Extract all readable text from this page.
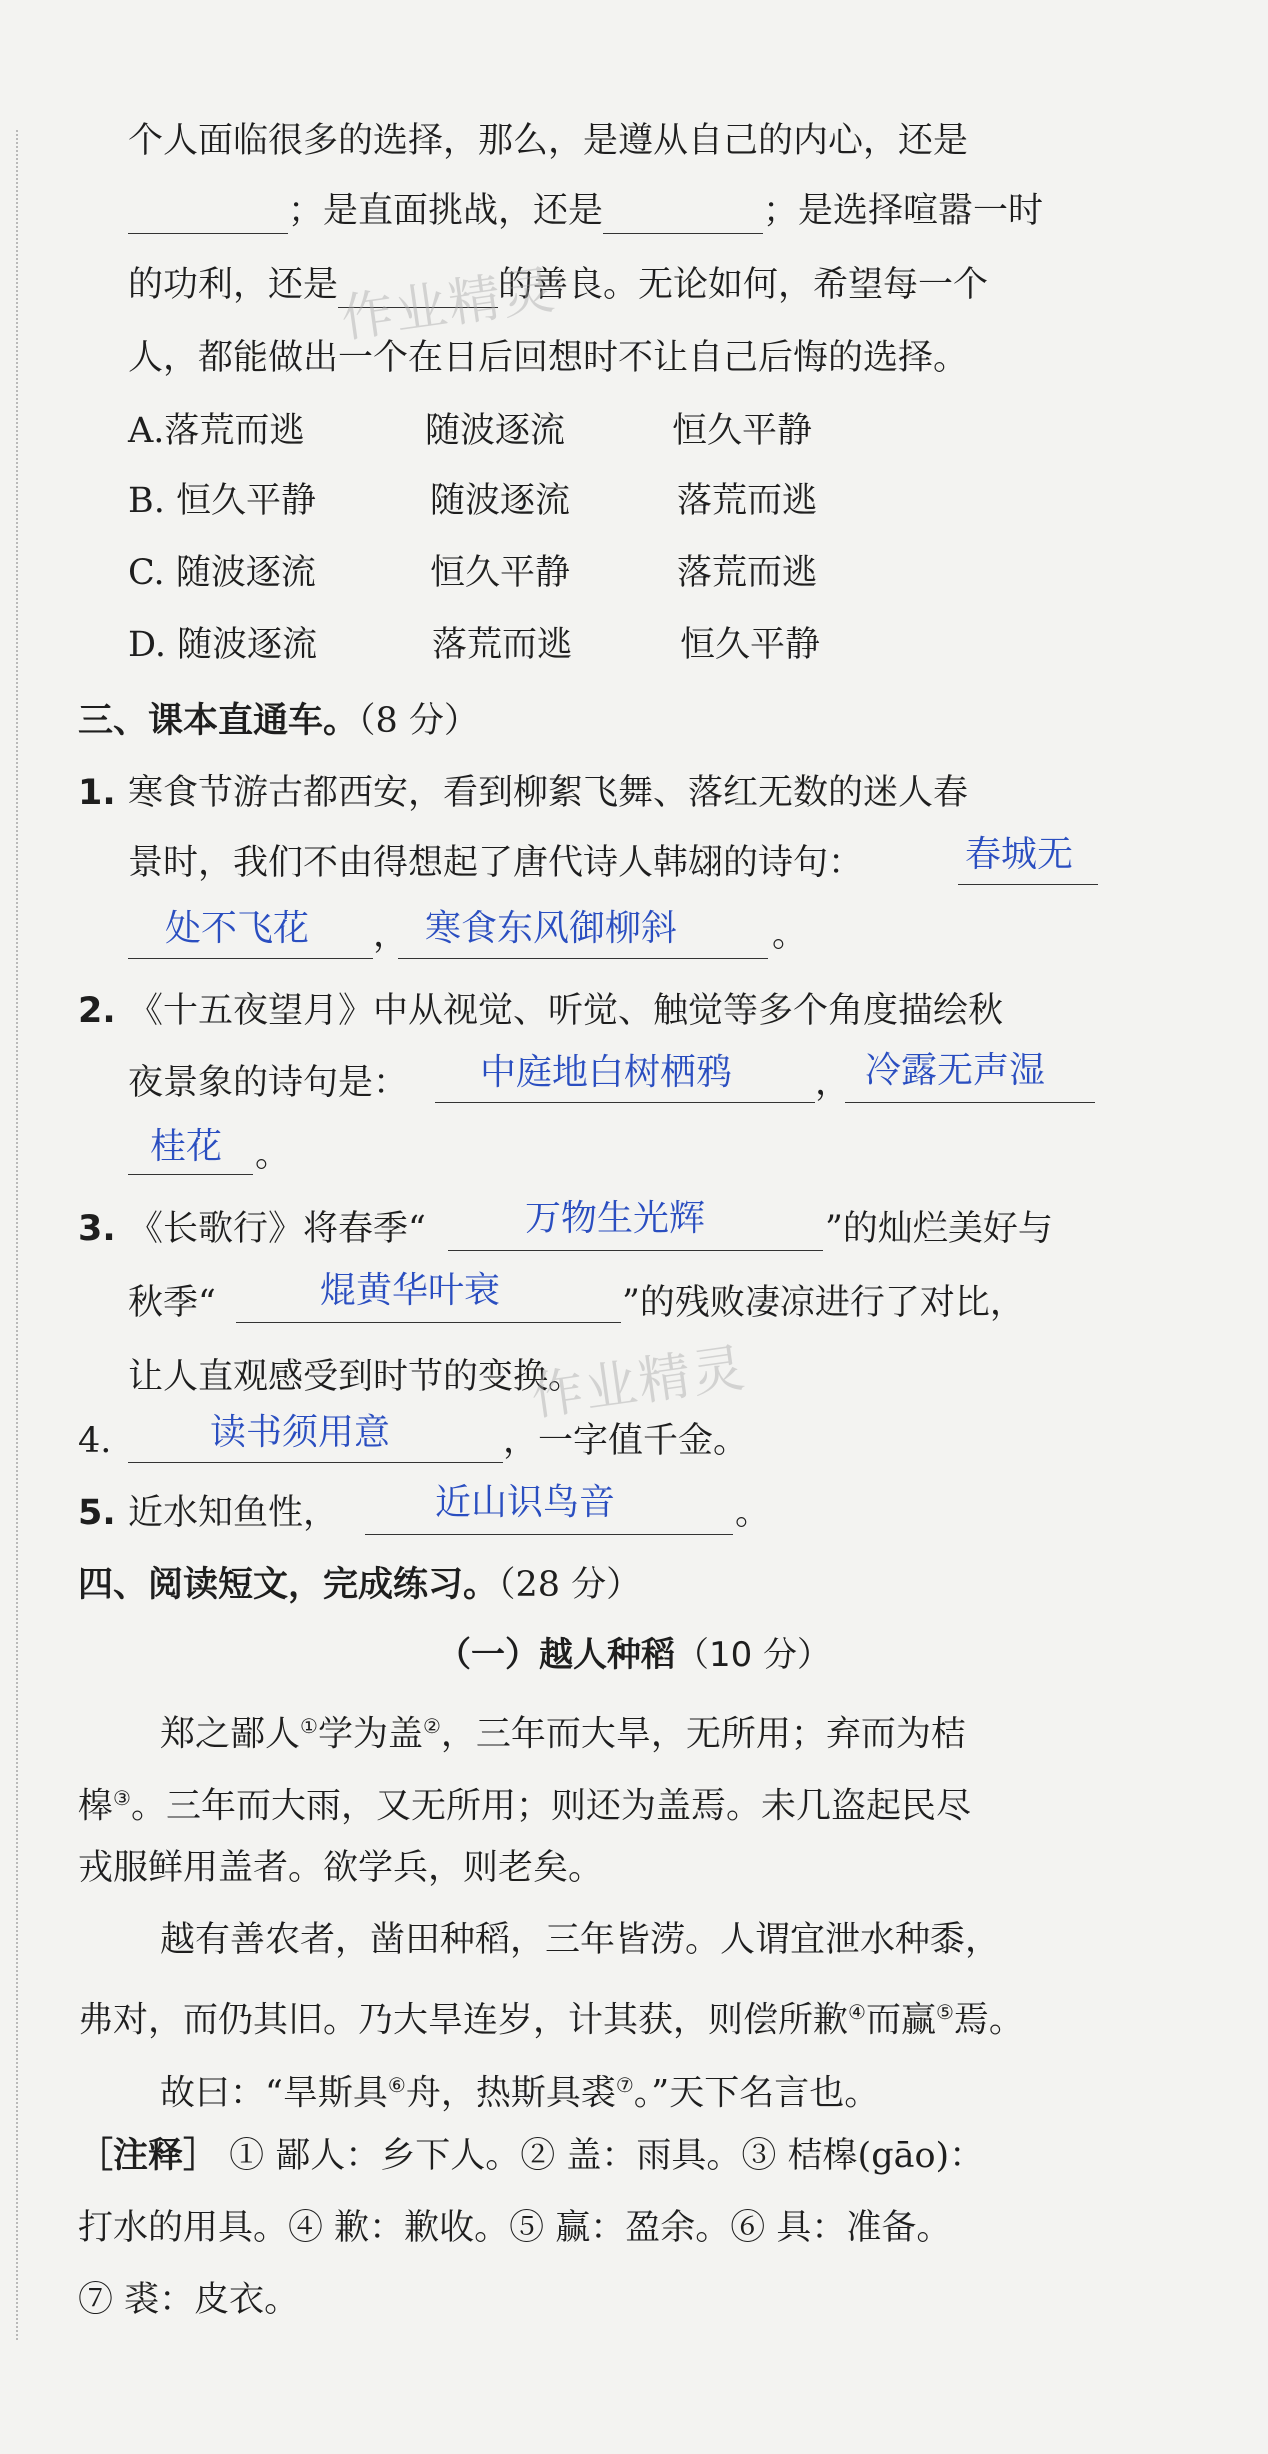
个人面临很多的选择，那么，是遵从自己的内心，还是
；是直面挑战，还是	；是选择喧嚣一时
的功利，还是	的善良。无论如何，希望每一个
人，都能做出一个在日后回想时不让自己后悔的选择。
A.落荒而逃	随波逐流	恒久平静
B. 恒久平静	随波逐流	落荒而逃
C. 随波逐流	恒久平静	落荒而逃
D. 随波逐流	落荒而逃	恒久平静
三、课本直通车。（8 分）
1. 寒食节游古都西安，看到柳絮飞舞、落红无数的迷人春
景时，我们不由得想起了唐代诗人韩翃的诗句：	春城无
处不飞花 ， 寒食东风御柳斜	。
2. 《十五夜望月》中从视觉、听觉、触觉等多个角度描绘秋
夜景象的诗句是： 中庭地白树栖鸦 ， 冷露无声湿
桂花 。
3. 《长歌行》将春季“	万物生光辉	”的灿烂美好与
秋季“	焜黄华叶衰	”的残败凄凉进行了对比，
让人直观感受到时节的变换。
4.	读书须用意	，一字值千金。
5. 近水知鱼性，	近山识鸟音	。
四、阅读短文，完成练习。（28 分）
（一）越人种稻（10 分）
郑之鄙人①学为盖②，三年而大旱，无所用；弃而为桔
槔③。三年而大雨，又无所用；则还为盖焉。未几盗起民尽
戎服鲜用盖者。欲学兵，则老矣。
越有善农者，凿田种稻，三年皆涝。人谓宜泄水种黍，
弗对，而仍其旧。乃大旱连岁，计其获，则偿所歉④而赢⑤焉。
故曰：“旱斯具⑥舟，热斯具裘⑦。”天下名言也。
［注释］ ① 鄙人：乡下人。② 盖：雨具。③ 桔槔(gāo)：
打水的用具。④ 歉：歉收。⑤ 赢：盈余。⑥ 具：准备。
⑦ 裘：皮衣。
作业精灵
作业精灵
